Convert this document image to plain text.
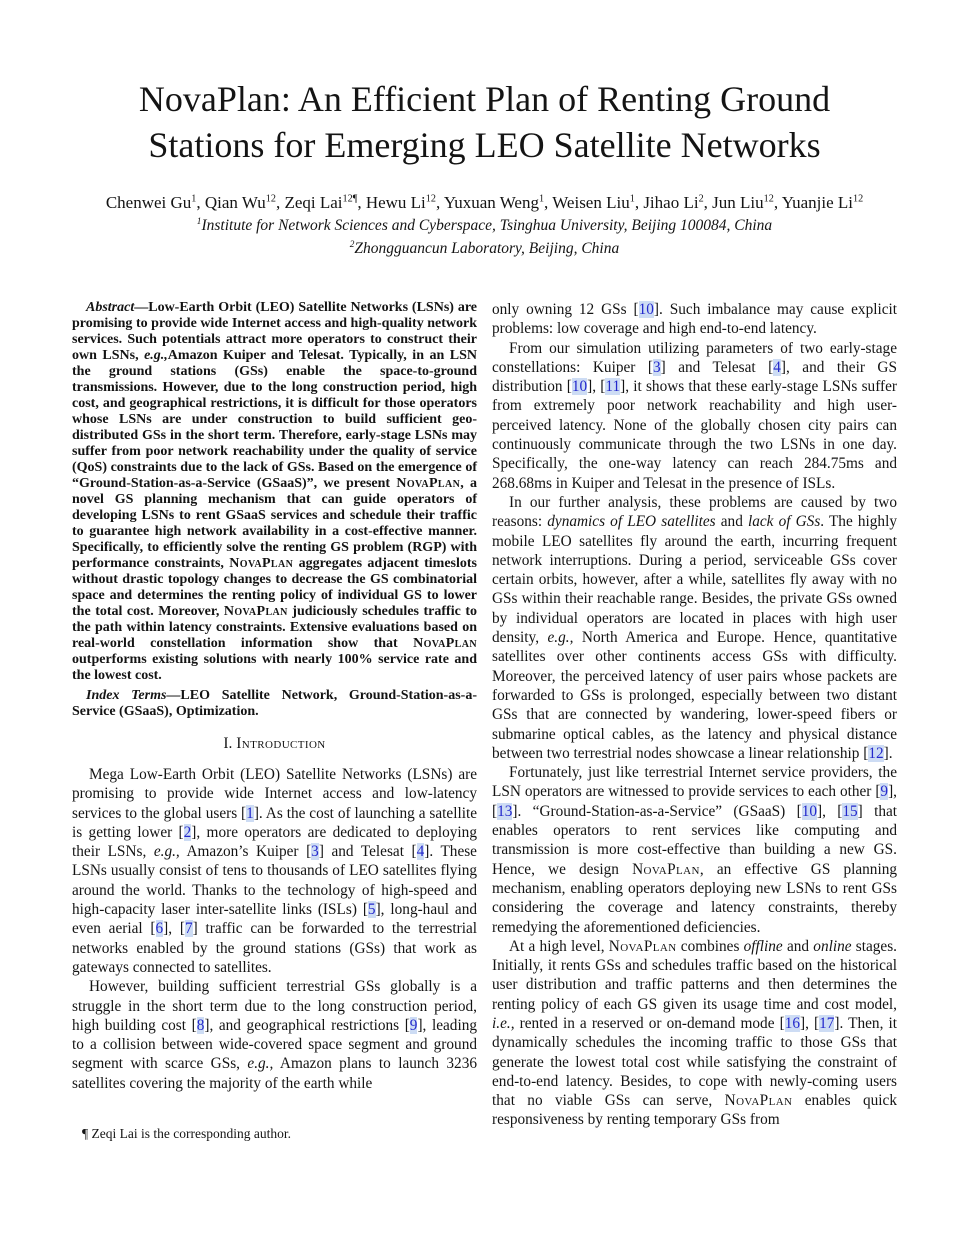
NovaPlan: An Efficient Plan of Renting Ground Stations for Emerging LEO Satellite Networks
Chenwei Gu$^1$, Qian Wu$^{12}$, Zeqi Lai$^{12\P}$, Hewu Li$^{12}$, Yuxuan Weng$^1$, Weisen Liu$^1$, Jihao Li$^2$, Jun Liu$^{12}$, Yuanjie Li$^{12}$
$^1$Institute for Network Sciences and Cyberspace, Tsinghua University, Beijing 100084, China
$^2$Zhongguancun Laboratory, Beijing, China

Abstract—Low-Earth Orbit (LEO) Satellite Networks (LSNs) are promising to provide wide Internet access and high-quality network services. Such potentials attract more operators to construct their own LSNs, e.g.,Amazon Kuiper and Telesat. Typically, in an LSN the ground stations (GSs) enable the space-to-ground transmissions. However, due to the long construction period, high cost, and geographical restrictions, it is difficult for those operators whose LSNs are under construction to build sufficient geo-distributed GSs in the short term. Therefore, early-stage LSNs may suffer from poor network reachability under the quality of service (QoS) constraints due to the lack of GSs. Based on the emergence of “Ground-Station-as-a-Service (GSaaS)”, we present NovaPlan, a novel GS planning mechanism that can guide operators of developing LSNs to rent GSaaS services and schedule their traffic to guarantee high network availability in a cost-effective manner. Specifically, to efficiently solve the renting GS problem (RGP) with performance constraints, NovaPlan aggregates adjacent timeslots without drastic topology changes to decrease the GS combinatorial space and determines the renting policy of individual GS to lower the total cost. Moreover, NovaPlan judiciously schedules traffic to the path within latency constraints. Extensive evaluations based on real-world constellation information show that NovaPlan outperforms existing solutions with nearly 100% service rate and the lowest cost.

Index Terms—LEO Satellite Network, Ground-Station-as-a-Service (GSaaS), Optimization.

I. Introduction

Mega Low-Earth Orbit (LEO) Satellite Networks (LSNs) are promising to provide wide Internet access and low-latency services to the global users [1]. As the cost of launching a satellite is getting lower [2], more operators are dedicated to deploying their LSNs, e.g., Amazon’s Kuiper [3] and Telesat [4]. These LSNs usually consist of tens to thousands of LEO satellites flying around the world. Thanks to the technology of high-speed and high-capacity laser inter-satellite links (ISLs) [5], long-haul and even aerial [6], [7] traffic can be forwarded to the terrestrial networks enabled by the ground stations (GSs) that work as gateways connected to satellites.

However, building sufficient terrestrial GSs globally is a struggle in the short term due to the long construction period, high building cost [8], and geographical restrictions [9], leading to a collision between wide-covered space segment and ground segment with scarce GSs, e.g., Amazon plans to launch 3236 satellites covering the majority of the earth while

¶ Zeqi Lai is the corresponding author.

only owning 12 GSs [10]. Such imbalance may cause explicit problems: low coverage and high end-to-end latency.

From our simulation utilizing parameters of two early-stage constellations: Kuiper [3] and Telesat [4], and their GS distribution [10], [11], it shows that these early-stage LSNs suffer from extremely poor network reachability and high user-perceived latency. None of the globally chosen city pairs can continuously communicate through the two LSNs in one day. Specifically, the one-way latency can reach 284.75ms and 268.68ms in Kuiper and Telesat in the presence of ISLs.

In our further analysis, these problems are caused by two reasons: dynamics of LEO satellites and lack of GSs. The highly mobile LEO satellites fly around the earth, incurring frequent network interruptions. During a period, serviceable GSs cover certain orbits, however, after a while, satellites fly away with no GSs within their reachable range. Besides, the private GSs owned by individual operators are located in places with high user density, e.g., North America and Europe. Hence, quantitative satellites over other continents access GSs with difficulty. Moreover, the perceived latency of user pairs whose packets are forwarded to GSs is prolonged, especially between two distant GSs that are connected by wandering, lower-speed fibers or submarine optical cables, as the latency and physical distance between two terrestrial nodes showcase a linear relationship [12].

Fortunately, just like terrestrial Internet service providers, the LSN operators are witnessed to provide services to each other [9], [13]. “Ground-Station-as-a-Service” (GSaaS) [10], [15] that enables operators to rent services like computing and transmission is more cost-effective than building a new GS. Hence, we design NovaPlan, an effective GS planning mechanism, enabling operators deploying new LSNs to rent GSs considering the coverage and latency constraints, thereby remedying the aforementioned deficiencies.

At a high level, NovaPlan combines offline and online stages. Initially, it rents GSs and schedules traffic based on the historical user distribution and traffic patterns and then determines the renting policy of each GS given its usage time and cost model, i.e., rented in a reserved or on-demand mode [16], [17]. Then, it dynamically schedules the incoming traffic to those GSs that generate the lowest total cost while satisfying the constraint of end-to-end latency. Besides, to cope with newly-coming users that no viable GSs can serve, NovaPlan enables quick responsiveness by renting temporary GSs from
